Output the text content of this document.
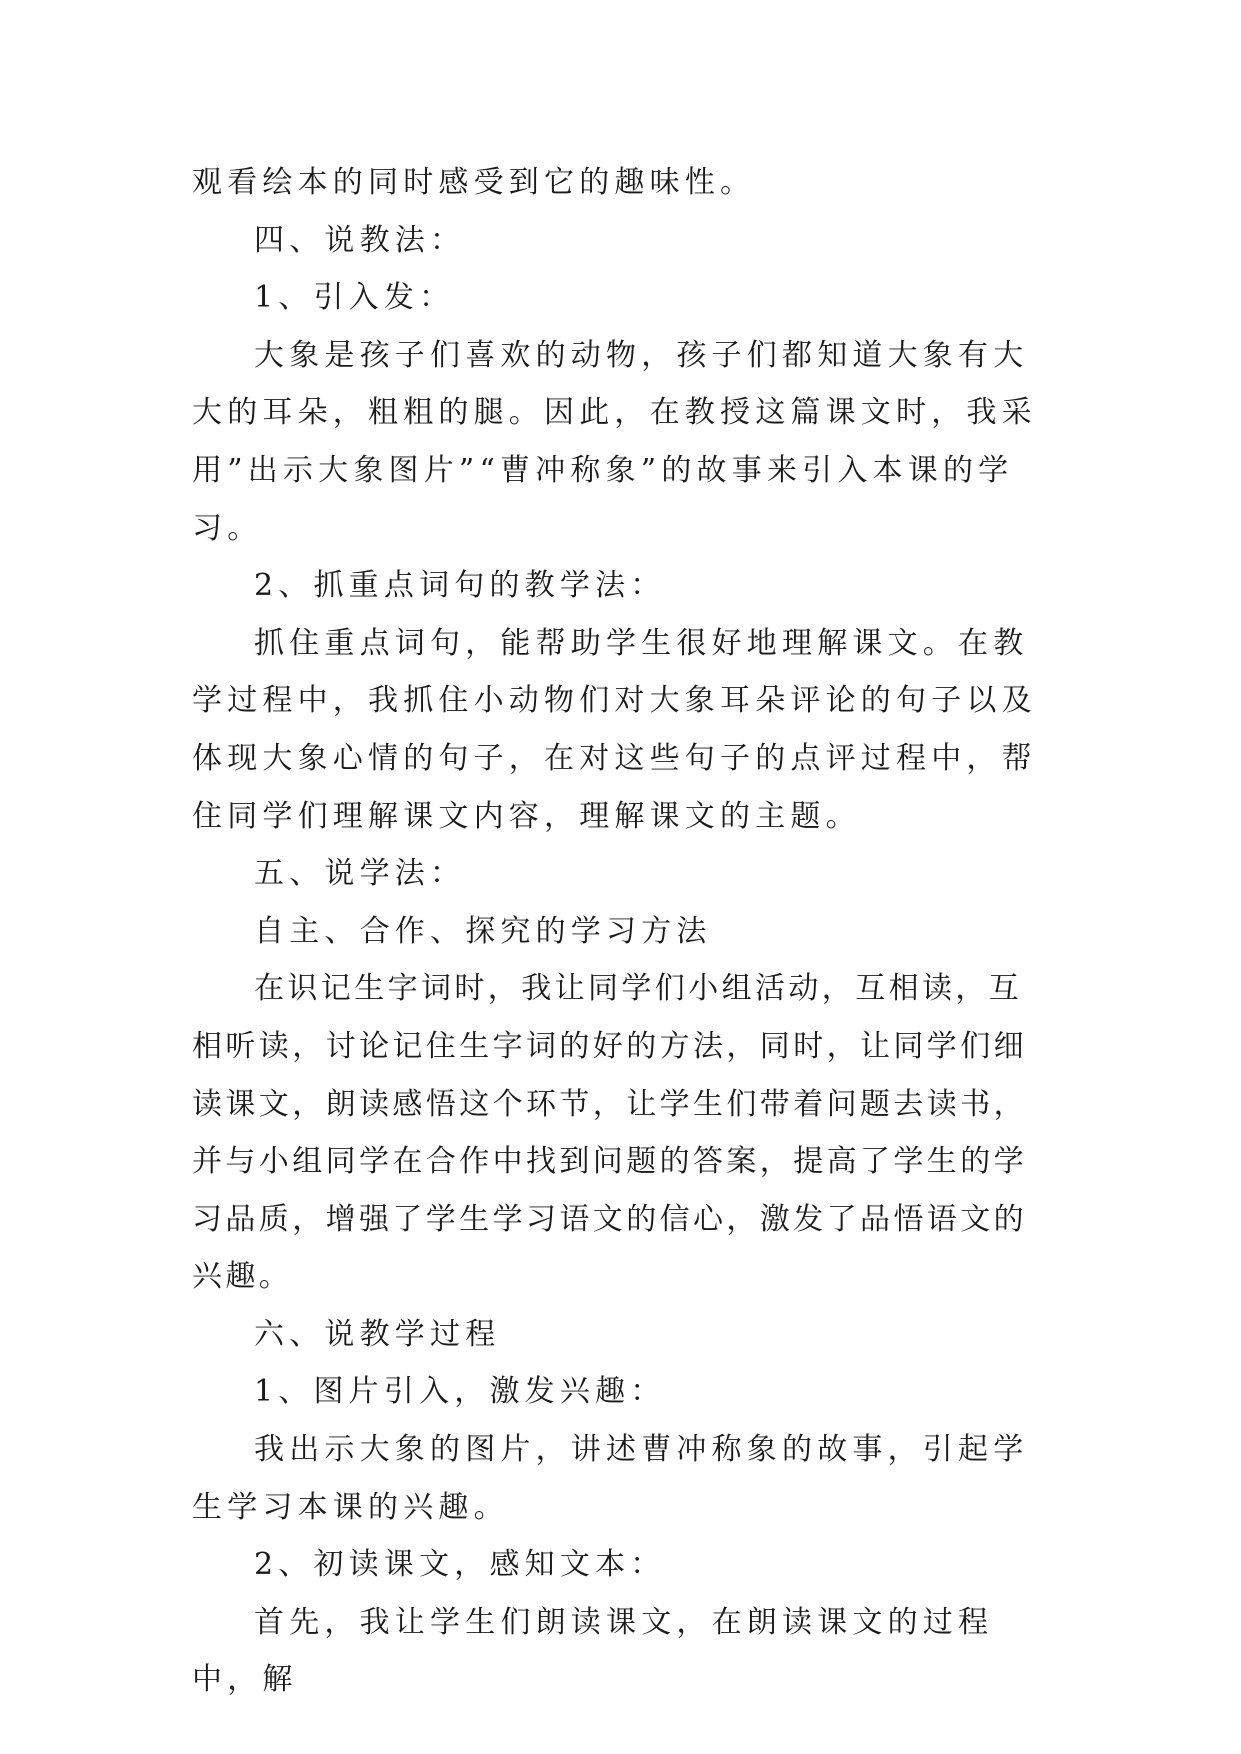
观看绘本的同时感受到它的趣味性。

四、说教法：

1、引入发：

大象是孩子们喜欢的动物，孩子们都知道大象有大大的耳朵，粗粗的腿。因此，在教授这篇课文时，我采用”出示大象图片”“曹冲称象”的故事来引入本课的学习。

2、抓重点词句的教学法：

抓住重点词句，能帮助学生很好地理解课文。在教学过程中，我抓住小动物们对大象耳朵评论的句子以及体现大象心情的句子，在对这些句子的点评过程中，帮住同学们理解课文内容，理解课文的主题。

五、说学法：

自主、合作、探究的学习方法

在识记生字词时，我让同学们小组活动，互相读，互相听读，讨论记住生字词的好的方法，同时，让同学们细读课文，朗读感悟这个环节，让学生们带着问题去读书，并与小组同学在合作中找到问题的答案，提高了学生的学习品质，增强了学生学习语文的信心，激发了品悟语文的兴趣。

六、说教学过程

1、图片引入，激发兴趣：

我出示大象的图片，讲述曹冲称象的故事，引起学生学习本课的兴趣。

2、初读课文，感知文本：

首先，我让学生们朗读课文，在朗读课文的过程中，解
